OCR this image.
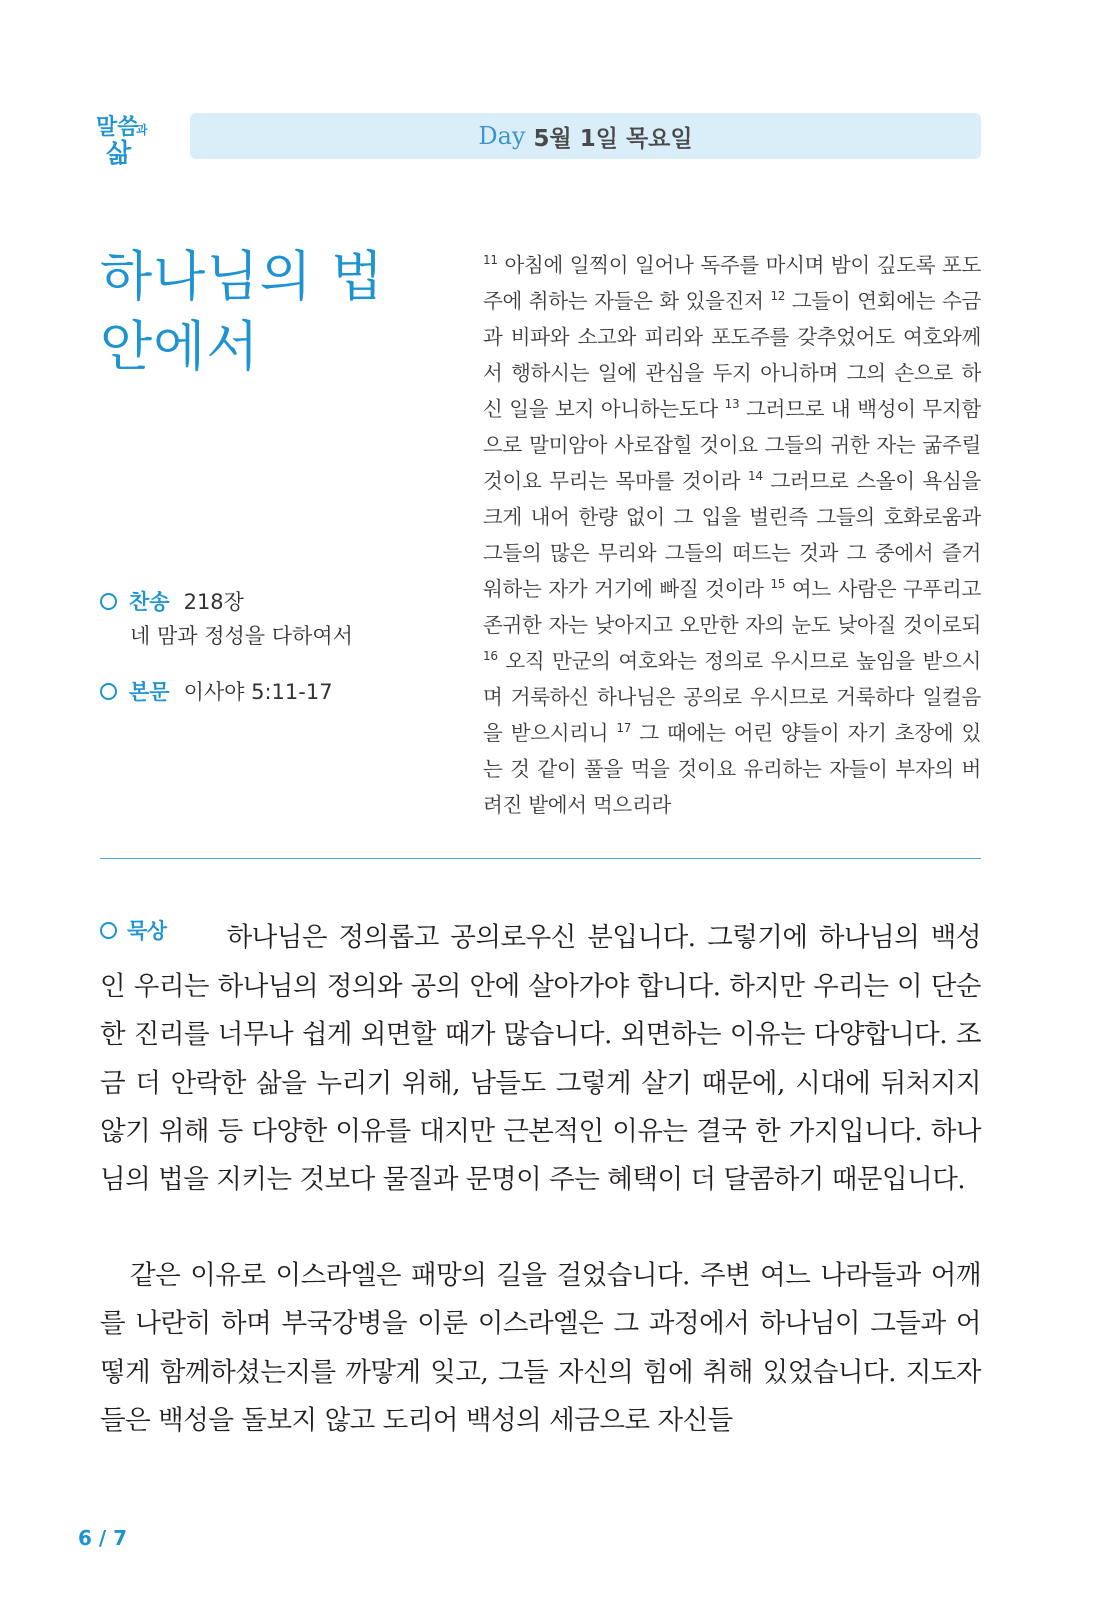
말씀
과
삶
Day 5월 1일 목요일
하나님의 법
안에서
찬송 218장
네 맘과 정성을 다하여서
본문 이사야 5:11-17
$^{11}$ 아침에 일찍이 일어나 독주를 마시며 밤이 깊도록 포도주에 취하는 자들은 화 있을진저 $^{12}$ 그들이 연회에는 수금과 비파와 소고와 피리와 포도주를 갖추었어도 여호와께서 행하시는 일에 관심을 두지 아니하며 그의 손으로 하신 일을 보지 아니하는도다 $^{13}$ 그러므로 내 백성이 무지함으로 말미암아 사로잡힐 것이요 그들의 귀한 자는 굶주릴 것이요 무리는 목마를 것이라 $^{14}$ 그러므로 스올이 욕심을 크게 내어 한량 없이 그 입을 벌린즉 그들의 호화로움과 그들의 많은 무리와 그들의 떠드는 것과 그 중에서 즐거워하는 자가 거기에 빠질 것이라 $^{15}$ 여느 사람은 구푸리고 존귀한 자는 낮아지고 오만한 자의 눈도 낮아질 것이로되 $^{16}$ 오직 만군의 여호와는 정의로 우시므로 높임을 받으시며 거룩하신 하나님은 공의로 우시므로 거룩하다 일컬음을 받으시리니 $^{17}$ 그 때에는 어린 양들이 자기 초장에 있는 것 같이 풀을 먹을 것이요 유리하는 자들이 부자의 버려진 밭에서 먹으리라

묵상 하나님은 정의롭고 공의로우신 분입니다. 그렇기에 하나님의 백성인 우리는 하나님의 정의와 공의 안에 살아가야 합니다. 하지만 우리는 이 단순한 진리를 너무나 쉽게 외면할 때가 많습니다. 외면하는 이유는 다양합니다. 조금 더 안락한 삶을 누리기 위해, 남들도 그렇게 살기 때문에, 시대에 뒤처지지 않기 위해 등 다양한 이유를 대지만 근본적인 이유는 결국 한 가지입니다. 하나님의 법을 지키는 것보다 물질과 문명이 주는 혜택이 더 달콤하기 때문입니다.

같은 이유로 이스라엘은 패망의 길을 걸었습니다. 주변 여느 나라들과 어깨를 나란히 하며 부국강병을 이룬 이스라엘은 그 과정에서 하나님이 그들과 어떻게 함께하셨는지를 까맣게 잊고, 그들 자신의 힘에 취해 있었습니다. 지도자들은 백성을 돌보지 않고 도리어 백성의 세금으로 자신들

6 / 7
